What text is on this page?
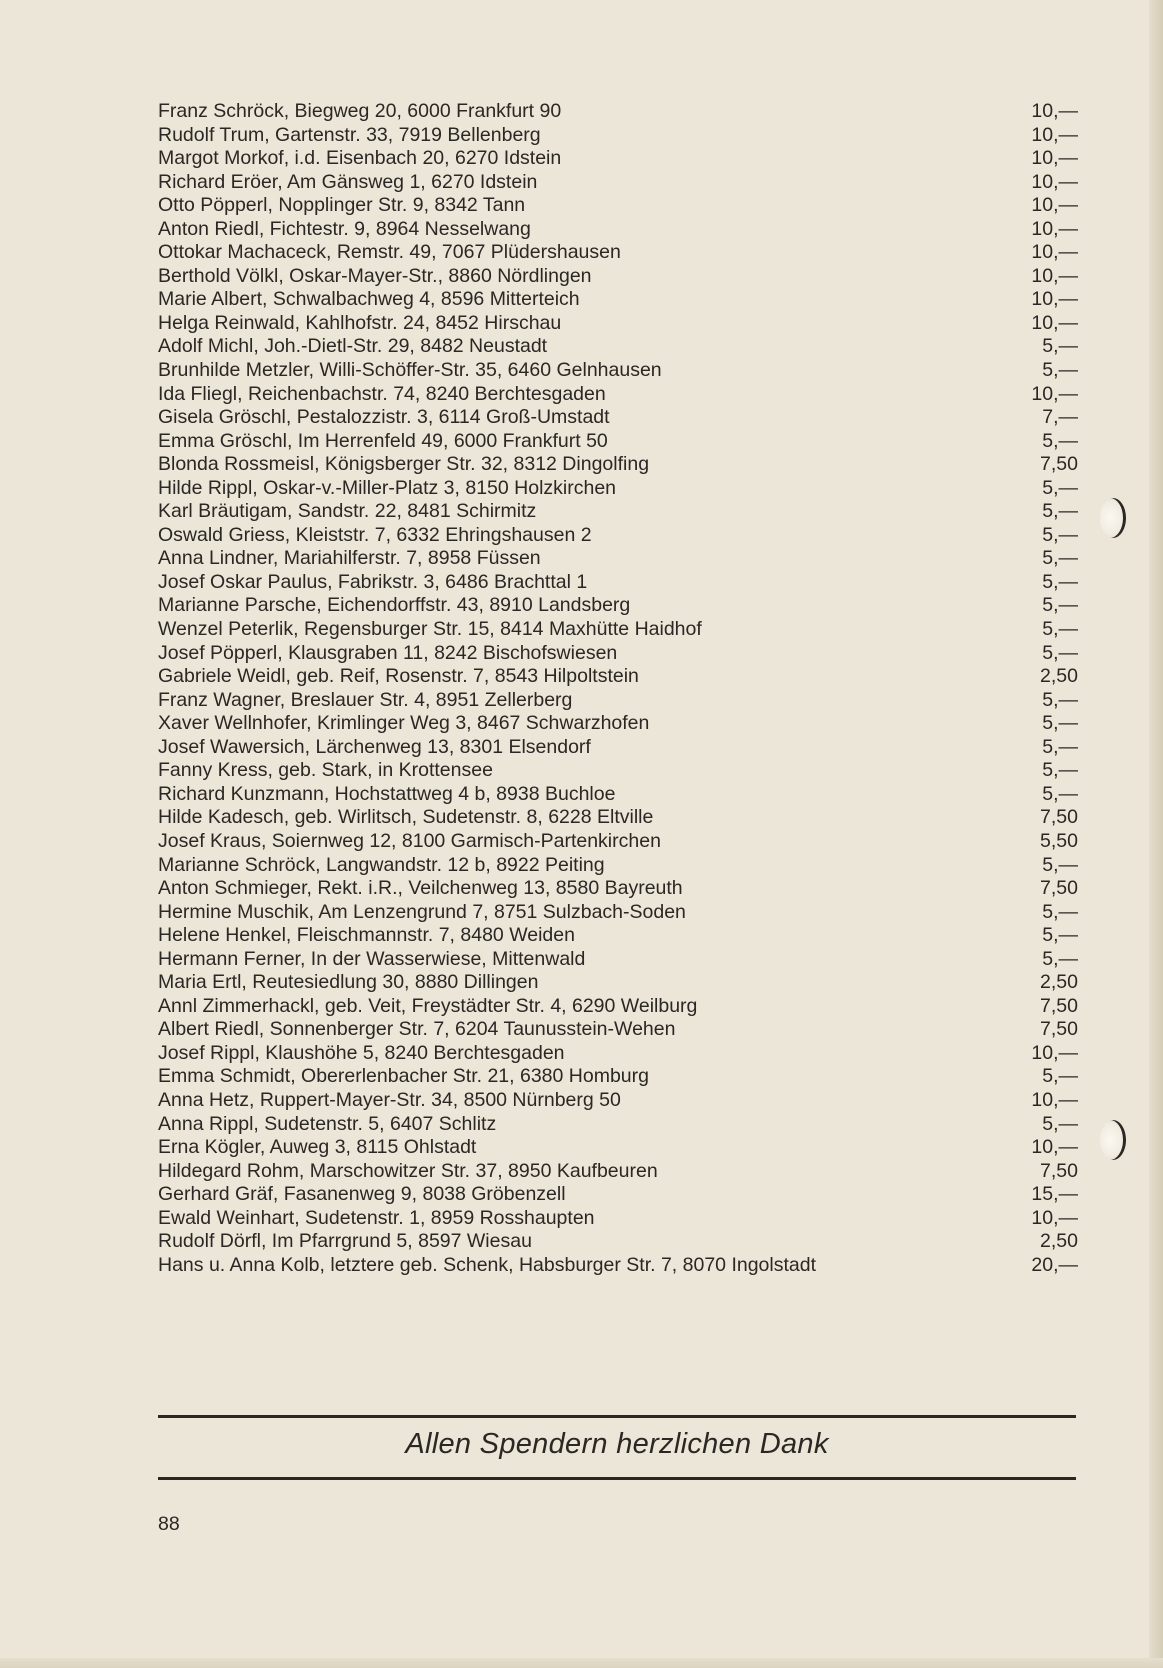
Franz Schröck, Biegweg 20, 6000 Frankfurt 90	10,—
Rudolf Trum, Gartenstr. 33, 7919 Bellenberg	10,—
Margot Morkof, i.d. Eisenbach 20, 6270 Idstein	10,—
Richard Eröer, Am Gänsweg 1, 6270 Idstein	10,—
Otto Pöpperl, Nopplinger Str. 9, 8342 Tann	10,—
Anton Riedl, Fichtestr. 9, 8964 Nesselwang	10,—
Ottokar Machaceck, Remstr. 49, 7067 Plüdershausen	10,—
Berthold Völkl, Oskar-Mayer-Str., 8860 Nördlingen	10,—
Marie Albert, Schwalbachweg 4, 8596 Mitterteich	10,—
Helga Reinwald, Kahlhofstr. 24, 8452 Hirschau	10,—
Adolf Michl, Joh.-Dietl-Str. 29, 8482 Neustadt	5,—
Brunhilde Metzler, Willi-Schöffer-Str. 35, 6460 Gelnhausen	5,—
Ida Fliegl, Reichenbachstr. 74, 8240 Berchtesgaden	10,—
Gisela Gröschl, Pestalozzistr. 3, 6114 Groß-Umstadt	7,—
Emma Gröschl, Im Herrenfeld 49, 6000 Frankfurt 50	5,—
Blonda Rossmeisl, Königsberger Str. 32, 8312 Dingolfing	7,50
Hilde Rippl, Oskar-v.-Miller-Platz 3, 8150 Holzkirchen	5,—
Karl Bräutigam, Sandstr. 22, 8481 Schirmitz	5,—
Oswald Griess, Kleiststr. 7, 6332 Ehringshausen 2	5,—
Anna Lindner, Mariahilferstr. 7, 8958 Füssen	5,—
Josef Oskar Paulus, Fabrikstr. 3, 6486 Brachttal 1	5,—
Marianne Parsche, Eichendorffstr. 43, 8910 Landsberg	5,—
Wenzel Peterlik, Regensburger Str. 15, 8414 Maxhütte Haidhof	5,—
Josef Pöpperl, Klausgraben 11, 8242 Bischofswiesen	5,—
Gabriele Weidl, geb. Reif, Rosenstr. 7, 8543 Hilpoltstein	2,50
Franz Wagner, Breslauer Str. 4, 8951 Zellerberg	5,—
Xaver Wellnhofer, Krimlinger Weg 3, 8467 Schwarzhofen	5,—
Josef Wawersich, Lärchenweg 13, 8301 Elsendorf	5,—
Fanny Kress, geb. Stark, in Krottensee	5,—
Richard Kunzmann, Hochstattweg 4 b, 8938 Buchloe	5,—
Hilde Kadesch, geb. Wirlitsch, Sudetenstr. 8, 6228 Eltville	7,50
Josef Kraus, Soiernweg 12, 8100 Garmisch-Partenkirchen	5,50
Marianne Schröck, Langwandstr. 12 b, 8922 Peiting	5,—
Anton Schmieger, Rekt. i.R., Veilchenweg 13, 8580 Bayreuth	7,50
Hermine Muschik, Am Lenzengrund 7, 8751 Sulzbach-Soden	5,—
Helene Henkel, Fleischmannstr. 7, 8480 Weiden	5,—
Hermann Ferner, In der Wasserwiese, Mittenwald	5,—
Maria Ertl, Reutesiedlung 30, 8880 Dillingen	2,50
Annl Zimmerhackl, geb. Veit, Freystädter Str. 4, 6290 Weilburg	7,50
Albert Riedl, Sonnenberger Str. 7, 6204 Taunusstein-Wehen	7,50
Josef Rippl, Klaushöhe 5, 8240 Berchtesgaden	10,—
Emma Schmidt, Obererlenbacher Str. 21, 6380 Homburg	5,—
Anna Hetz, Ruppert-Mayer-Str. 34, 8500 Nürnberg 50	10,—
Anna Rippl, Sudetenstr. 5, 6407 Schlitz	5,—
Erna Kögler, Auweg 3, 8115 Ohlstadt	10,—
Hildegard Rohm, Marschowitzer Str. 37, 8950 Kaufbeuren	7,50
Gerhard Gräf, Fasanenweg 9, 8038 Gröbenzell	15,—
Ewald Weinhart, Sudetenstr. 1, 8959 Rosshaupten	10,—
Rudolf Dörfl, Im Pfarrgrund 5, 8597 Wiesau	2,50
Hans u. Anna Kolb, letztere geb. Schenk, Habsburger Str. 7, 8070 Ingolstadt	20,—
Allen Spendern herzlichen Dank
88
